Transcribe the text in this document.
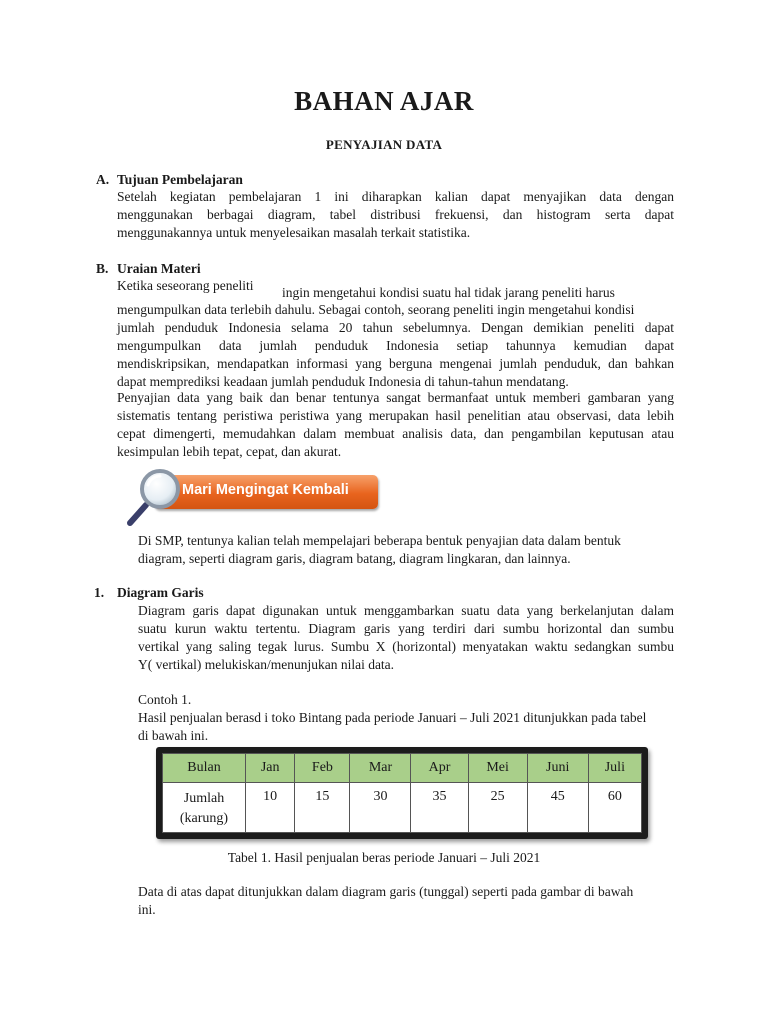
BAHAN AJAR
PENYAJIAN DATA
A. Tujuan Pembelajaran
Setelah kegiatan pembelajaran 1 ini diharapkan kalian dapat menyajikan data dengan
menggunakan berbagai diagram, tabel distribusi frekuensi, dan histogram serta dapat
menggunakannya untuk menyelesaikan masalah terkait statistika.
B. Uraian Materi
Ketika seseorang peneliti ingin mengetahui kondisi suatu hal tidak jarang peneliti harus
mengumpulkan data terlebih dahulu. Sebagai contoh, seorang peneliti ingin mengetahui kondisi
jumlah penduduk Indonesia selama 20 tahun sebelumnya. Dengan demikian peneliti dapat
mengumpulkan data jumlah penduduk Indonesia setiap tahunnya kemudian dapat
mendiskripsikan, mendapatkan informasi yang berguna mengenai jumlah penduduk, dan bahkan
dapat memprediksi keadaan jumlah penduduk Indonesia di tahun-tahun mendatang.
Penyajian data yang baik dan benar tentunya sangat bermanfaat untuk memberi gambaran yang
sistematis tentang peristiwa peristiwa yang merupakan hasil penelitian atau observasi, data lebih
cepat dimengerti, memudahkan dalam membuat analisis data, dan pengambilan keputusan atau
kesimpulan lebih tepat, cepat, dan akurat.
Mari Mengingat Kembali
Di SMP, tentunya kalian telah mempelajari beberapa bentuk penyajian data dalam bentuk
diagram, seperti diagram garis, diagram batang, diagram lingkaran, dan lainnya.
1. Diagram Garis
Diagram garis dapat digunakan untuk menggambarkan suatu data yang berkelanjutan dalam
suatu kurun waktu tertentu. Diagram garis yang terdiri dari sumbu horizontal dan sumbu
vertikal yang saling tegak lurus. Sumbu X (horizontal) menyatakan waktu sedangkan sumbu
Y( vertikal) melukiskan/menunjukan nilai data.
Contoh 1.
Hasil penjualan berasd i toko Bintang pada periode Januari – Juli 2021 ditunjukkan pada tabel
di bawah ini.
Bulan	Jan	Feb	Mar	Apr	Mei	Juni	Juli

Jumlah
(karung)	10	15	30	35	25	45	60
Tabel 1. Hasil penjualan beras periode Januari – Juli 2021
Data di atas dapat ditunjukkan dalam diagram garis (tunggal) seperti pada gambar di bawah
ini.
